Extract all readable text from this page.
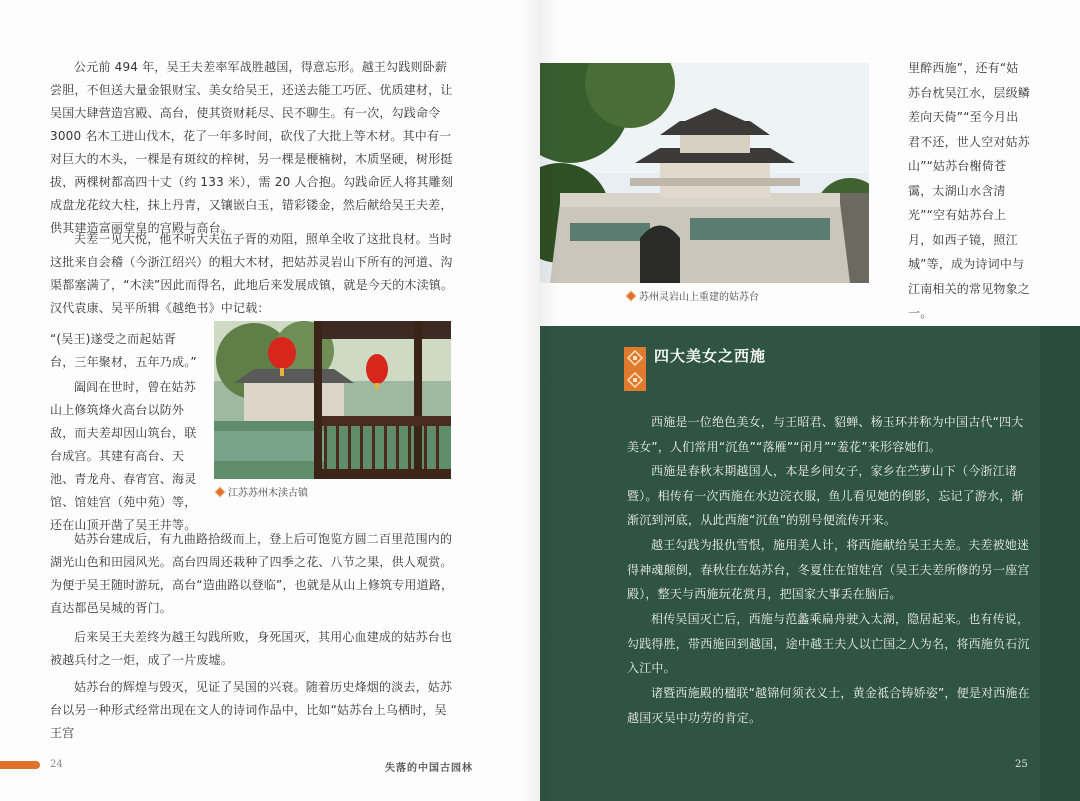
公元前 494 年，吴王夫差率军战胜越国，得意忘形。越王勾践则卧薪尝胆，不但送大量金银财宝、美女给吴王，还送去能工巧匠、优质建材，让吴国大肆营造宫殿、高台，使其资财耗尽、民不聊生。有一次，勾践命令 3000 名木工进山伐木，花了一年多时间，砍伐了大批上等木材。其中有一对巨大的木头，一棵是有斑纹的梓树，另一棵是楩楠树，木质坚硬，树形挺拔，两棵树都高四十丈（约 133 米），需 20 人合抱。勾践命匠人将其雕刻成盘龙花纹大柱，抹上丹青，又镶嵌白玉，错彩镂金，然后献给吴王夫差，供其建造富丽堂皇的宫殿与高台。
夫差一见大悦，他不听大夫伍子胥的劝阻，照单全收了这批良材。当时这批来自会稽（今浙江绍兴）的粗大木材，把姑苏灵岩山下所有的河道、沟渠都塞满了，“木渎”因此而得名，此地后来发展成镇，就是今天的木渎镇。汉代袁康、吴平所辑《越绝书》中记载：
“(吴王)遂受之而起姑胥台，三年聚材，五年乃成。”
阖闾在世时，曾在姑苏山上修筑烽火高台以防外敌，而夫差却因山筑台，联台成宫。其建有高台、天池、青龙舟、春宵宫、海灵馆、馆娃宫（苑中苑）等，还在山顶开凿了吴王井等。
姑苏台建成后，有九曲路拾级而上，登上后可饱览方圆二百里范围内的湖光山色和田园风光。高台四周还栽种了四季之花、八节之果，供人观赏。为便于吴王随时游玩，高台“造曲路以登临”，也就是从山上修筑专用道路，直达都邑吴城的胥门。
后来吴王夫差终为越王勾践所败，身死国灭，其用心血建成的姑苏台也被越兵付之一炬，成了一片废墟。
姑苏台的辉煌与毁灭，见证了吴国的兴衰。随着历史烽烟的淡去，姑苏台以另一种形式经常出现在文人的诗词作品中，比如“姑苏台上乌栖时，吴王宫
江苏苏州木渎古镇
24	失落的中国古园林
苏州灵岩山上重建的姑苏台
里醉西施”，还有“姑苏台枕吴江水，层级鳞差向天倚”“至今月出君不还，世人空对姑苏山”“姑苏台榭倚苍霭，太湖山水含清光”“空有姑苏台上月，如西子镜，照江城”等，成为诗词中与江南相关的常见物象之一。
四大美女之西施
西施是一位绝色美女，与王昭君、貂蝉、杨玉环并称为中国古代“四大美女”，人们常用“沉鱼”“落雁”“闭月”“羞花”来形容她们。
西施是春秋末期越国人，本是乡间女子，家乡在苎萝山下（今浙江诸暨）。相传有一次西施在水边浣衣服，鱼儿看见她的倒影，忘记了游水，渐渐沉到河底，从此西施“沉鱼”的别号便流传开来。
越王勾践为报仇雪恨，施用美人计，将西施献给吴王夫差。夫差被她迷得神魂颠倒，春秋住在姑苏台，冬夏住在馆娃宫（吴王夫差所修的另一座宫殿），整天与西施玩花赏月，把国家大事丢在脑后。
相传吴国灭亡后，西施与范蠡乘扁舟驶入太湖，隐居起来。也有传说，勾践得胜，带西施回到越国，途中越王夫人以亡国之人为名，将西施负石沉入江中。
诸暨西施殿的楹联“越锦何须衣义士，黄金祗合铸娇姿”，便是对西施在越国灭吴中功劳的肯定。
25
